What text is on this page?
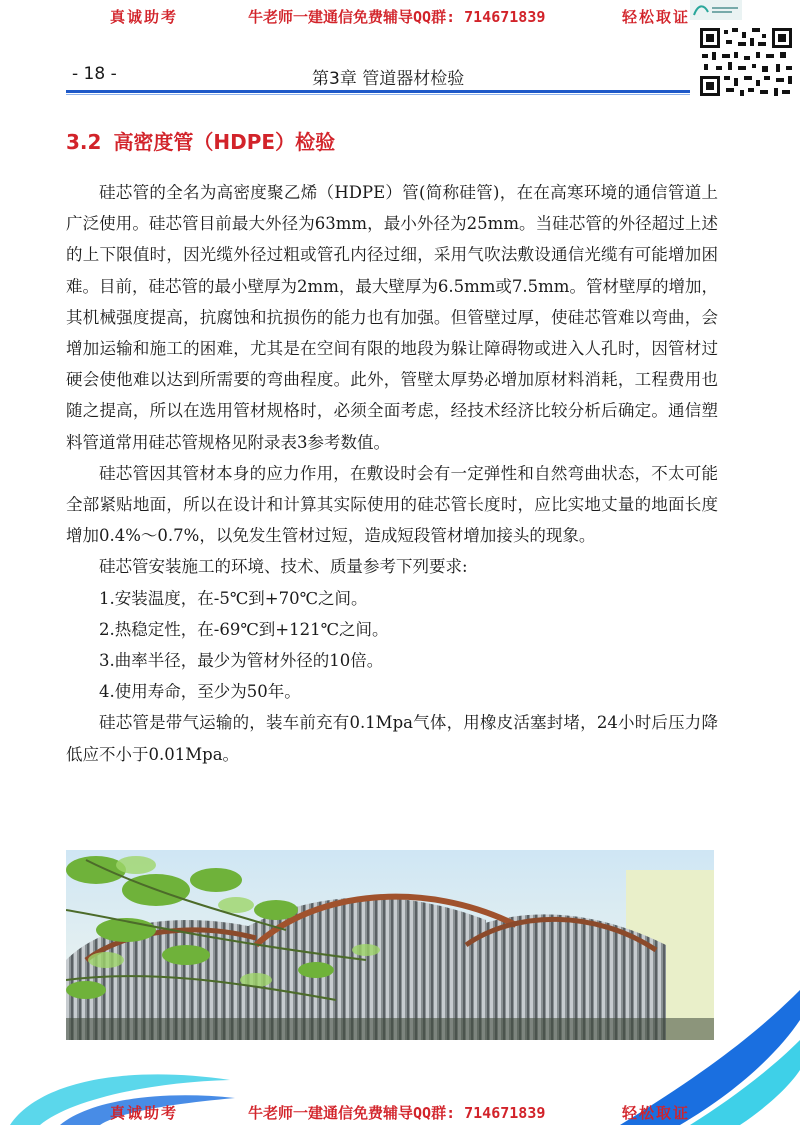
真诚助考	牛老师一建通信免费辅导QQ群: 714671839	轻松取证
- 18 -	第3章 管道器材检验
3.2 高密度管（HDPE）检验

硅芯管的全名为高密度聚乙烯（HDPE）管(简称硅管)，在在高寒环境的通信管道上广泛使用。硅芯管目前最大外径为63mm，最小外径为25mm。当硅芯管的外径超过上述的上下限值时，因光缆外径过粗或管孔内径过细，采用气吹法敷设通信光缆有可能增加困难。目前，硅芯管的最小壁厚为2mm，最大壁厚为6.5mm或7.5mm。管材壁厚的增加，其机械强度提高，抗腐蚀和抗损伤的能力也有加强。但管壁过厚，使硅芯管难以弯曲，会增加运输和施工的困难，尤其是在空间有限的地段为躲让障碍物或进入人孔时，因管材过硬会使他难以达到所需要的弯曲程度。此外，管壁太厚势必增加原材料消耗，工程费用也随之提高，所以在选用管材规格时，必须全面考虑，经技术经济比较分析后确定。通信塑料管道常用硅芯管规格见附录表3参考数值。

硅芯管因其管材本身的应力作用，在敷设时会有一定弹性和自然弯曲状态，不太可能全部紧贴地面，所以在设计和计算其实际使用的硅芯管长度时，应比实地丈量的地面长度增加0.4%～0.7%，以免发生管材过短，造成短段管材增加接头的现象。

硅芯管安装施工的环境、技术、质量参考下列要求:

1.安装温度，在-5℃到+70℃之间。

2.热稳定性，在-69℃到+121℃之间。

3.曲率半径，最少为管材外径的10倍。

4.使用寿命，至少为50年。

硅芯管是带气运输的，装车前充有0.1Mpa气体，用橡皮活塞封堵，24小时后压力降低应不小于0.01Mpa。

真诚助考	牛老师一建通信免费辅导QQ群: 714671839	轻松取证
